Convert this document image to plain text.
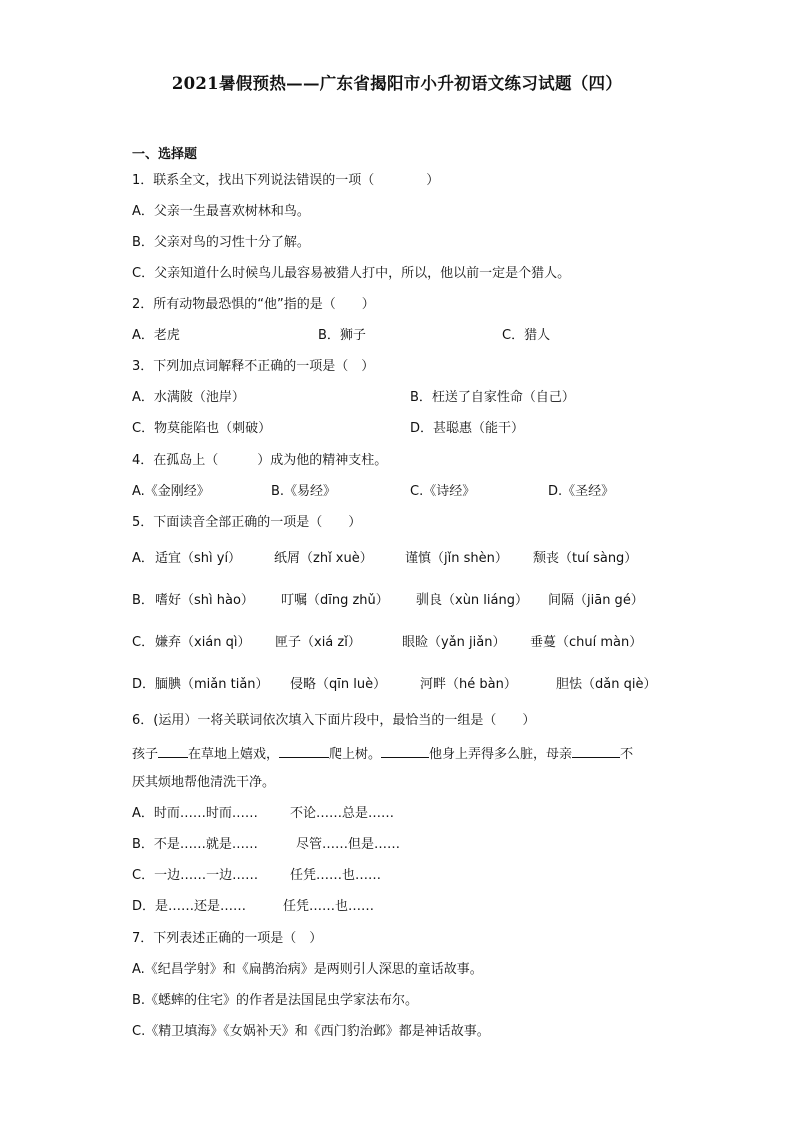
2021暑假预热——广东省揭阳市小升初语文练习试题（四）
一、选择题
1．联系全文，找出下列说法错误的一项（　　　　）
A．父亲一生最喜欢树林和鸟。
B．父亲对鸟的习性十分了解。
C．父亲知道什么时候鸟儿最容易被猎人打中，所以，他以前一定是个猎人。
2．所有动物最恐惧的“他”指的是（　　）
A．老虎	B．狮子	C．猎人
3．下列加点词解释不正确的一项是（　）
A．水满陂（池岸）	B．枉送了自家性命（自己）
C．物莫能陷也（刺破）	D．甚聪惠（能干）
4．在孤岛上（　　　）成为他的精神支柱。
A.《金刚经》	B.《易经》	C.《诗经》	D.《圣经》
5．下面读音全部正确的一项是（　　）
A． 适宜（shì yí）	纸屑（zhǐ xuè） 谨慎（jǐn shèn） 颓丧（tuí sàng）
B． 嗜好（shì hào） 叮嘱（dīng zhǔ） 驯良（xùn liáng） 间隔（jiān gé）
C． 嫌弃（xián qì） 匣子（xiá zǐ）	眼睑（yǎn jiǎn） 垂蔓（chuí màn）
D． 腼腆（miǎn tiǎn） 侵略（qīn luè）	河畔（hé bàn）	胆怯（dǎn qiè）
6．(运用）一将关联词依次填入下面片段中，最恰当的一组是（　　）
孩子 在草地上嬉戏，	爬上树。	他身上弄得多么脏，母亲	不
厌其烦地帮他清洗干净。
A．时而……时而…… 不论……总是……
B．不是……就是……	尽管……但是……
C．一边……一边…… 任凭……也……
D．是……还是……	任凭……也……
7．下列表述正确的一项是（　）
A.《纪昌学射》和《扁鹊治病》是两则引人深思的童话故事。
B.《蟋蟀的住宅》的作者是法国昆虫学家法布尔。
C.《精卫填海》《女娲补天》和《西门豹治邺》都是神话故事。
